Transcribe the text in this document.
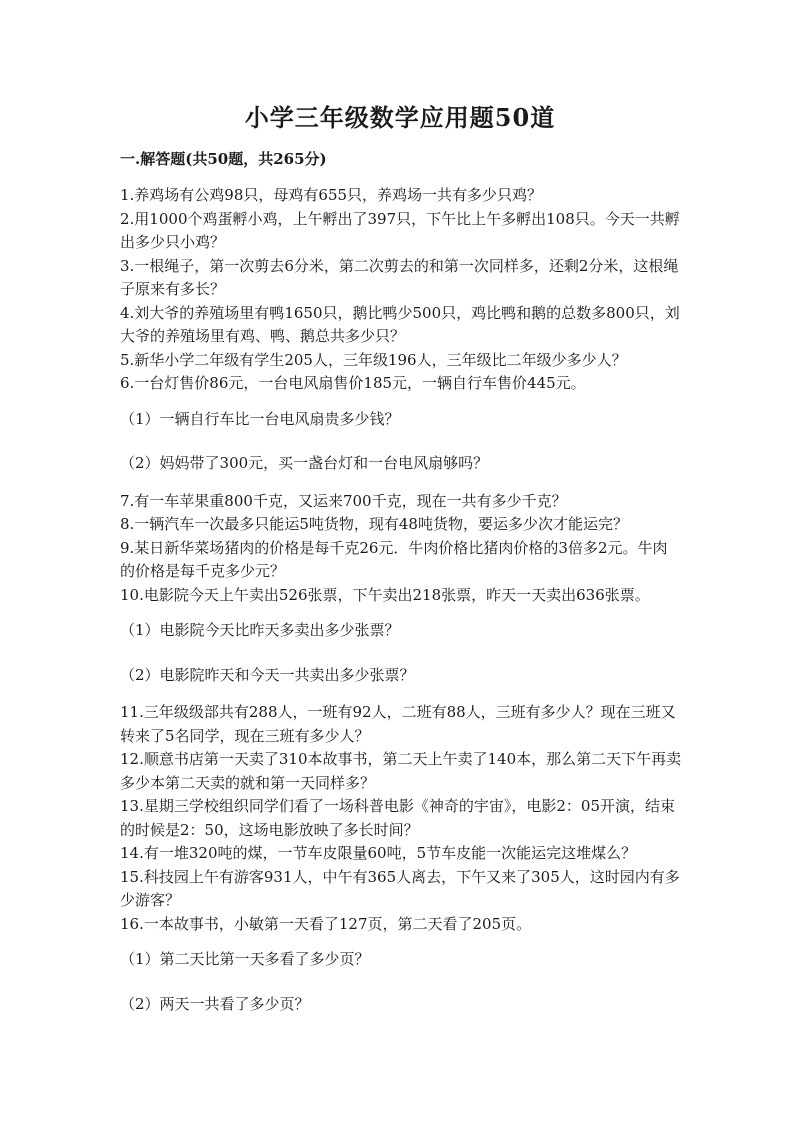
小学三年级数学应用题50道
一.解答题(共50题，共265分)
1.养鸡场有公鸡98只，母鸡有655只，养鸡场一共有多少只鸡？
2.用1000个鸡蛋孵小鸡，上午孵出了397只，下午比上午多孵出108只。今天一共孵出多少只小鸡？
3.一根绳子，第一次剪去6分米，第二次剪去的和第一次同样多，还剩2分米，这根绳子原来有多长？
4.刘大爷的养殖场里有鸭1650只，鹅比鸭少500只，鸡比鸭和鹅的总数多800只，刘大爷的养殖场里有鸡、鸭、鹅总共多少只？
5.新华小学二年级有学生205人，三年级196人，三年级比二年级少多少人？
6.一台灯售价86元，一台电风扇售价185元，一辆自行车售价445元。
（1）一辆自行车比一台电风扇贵多少钱？
（2）妈妈带了300元，买一盏台灯和一台电风扇够吗？
7.有一车苹果重800千克，又运来700千克，现在一共有多少千克？
8.一辆汽车一次最多只能运5吨货物，现有48吨货物，要运多少次才能运完？
9.某日新华菜场猪肉的价格是每千克26元．牛肉价格比猪肉价格的3倍多2元。牛肉的价格是每千克多少元？
10.电影院今天上午卖出526张票，下午卖出218张票，昨天一天卖出636张票。
（1）电影院今天比昨天多卖出多少张票？
（2）电影院昨天和今天一共卖出多少张票？
11.三年级级部共有288人，一班有92人，二班有88人，三班有多少人？现在三班又转来了5名同学，现在三班有多少人？
12.顺意书店第一天卖了310本故事书，第二天上午卖了140本，那么第二天下午再卖多少本第二天卖的就和第一天同样多？
13.星期三学校组织同学们看了一场科普电影《神奇的宇宙》，电影2：05开演，结束的时候是2：50，这场电影放映了多长时间？
14.有一堆320吨的煤，一节车皮限量60吨，5节车皮能一次能运完这堆煤么？
15.科技园上午有游客931人，中午有365人离去，下午又来了305人，这时园内有多少游客？
16.一本故事书，小敏第一天看了127页，第二天看了205页。
（1）第二天比第一天多看了多少页？
（2）两天一共看了多少页？
